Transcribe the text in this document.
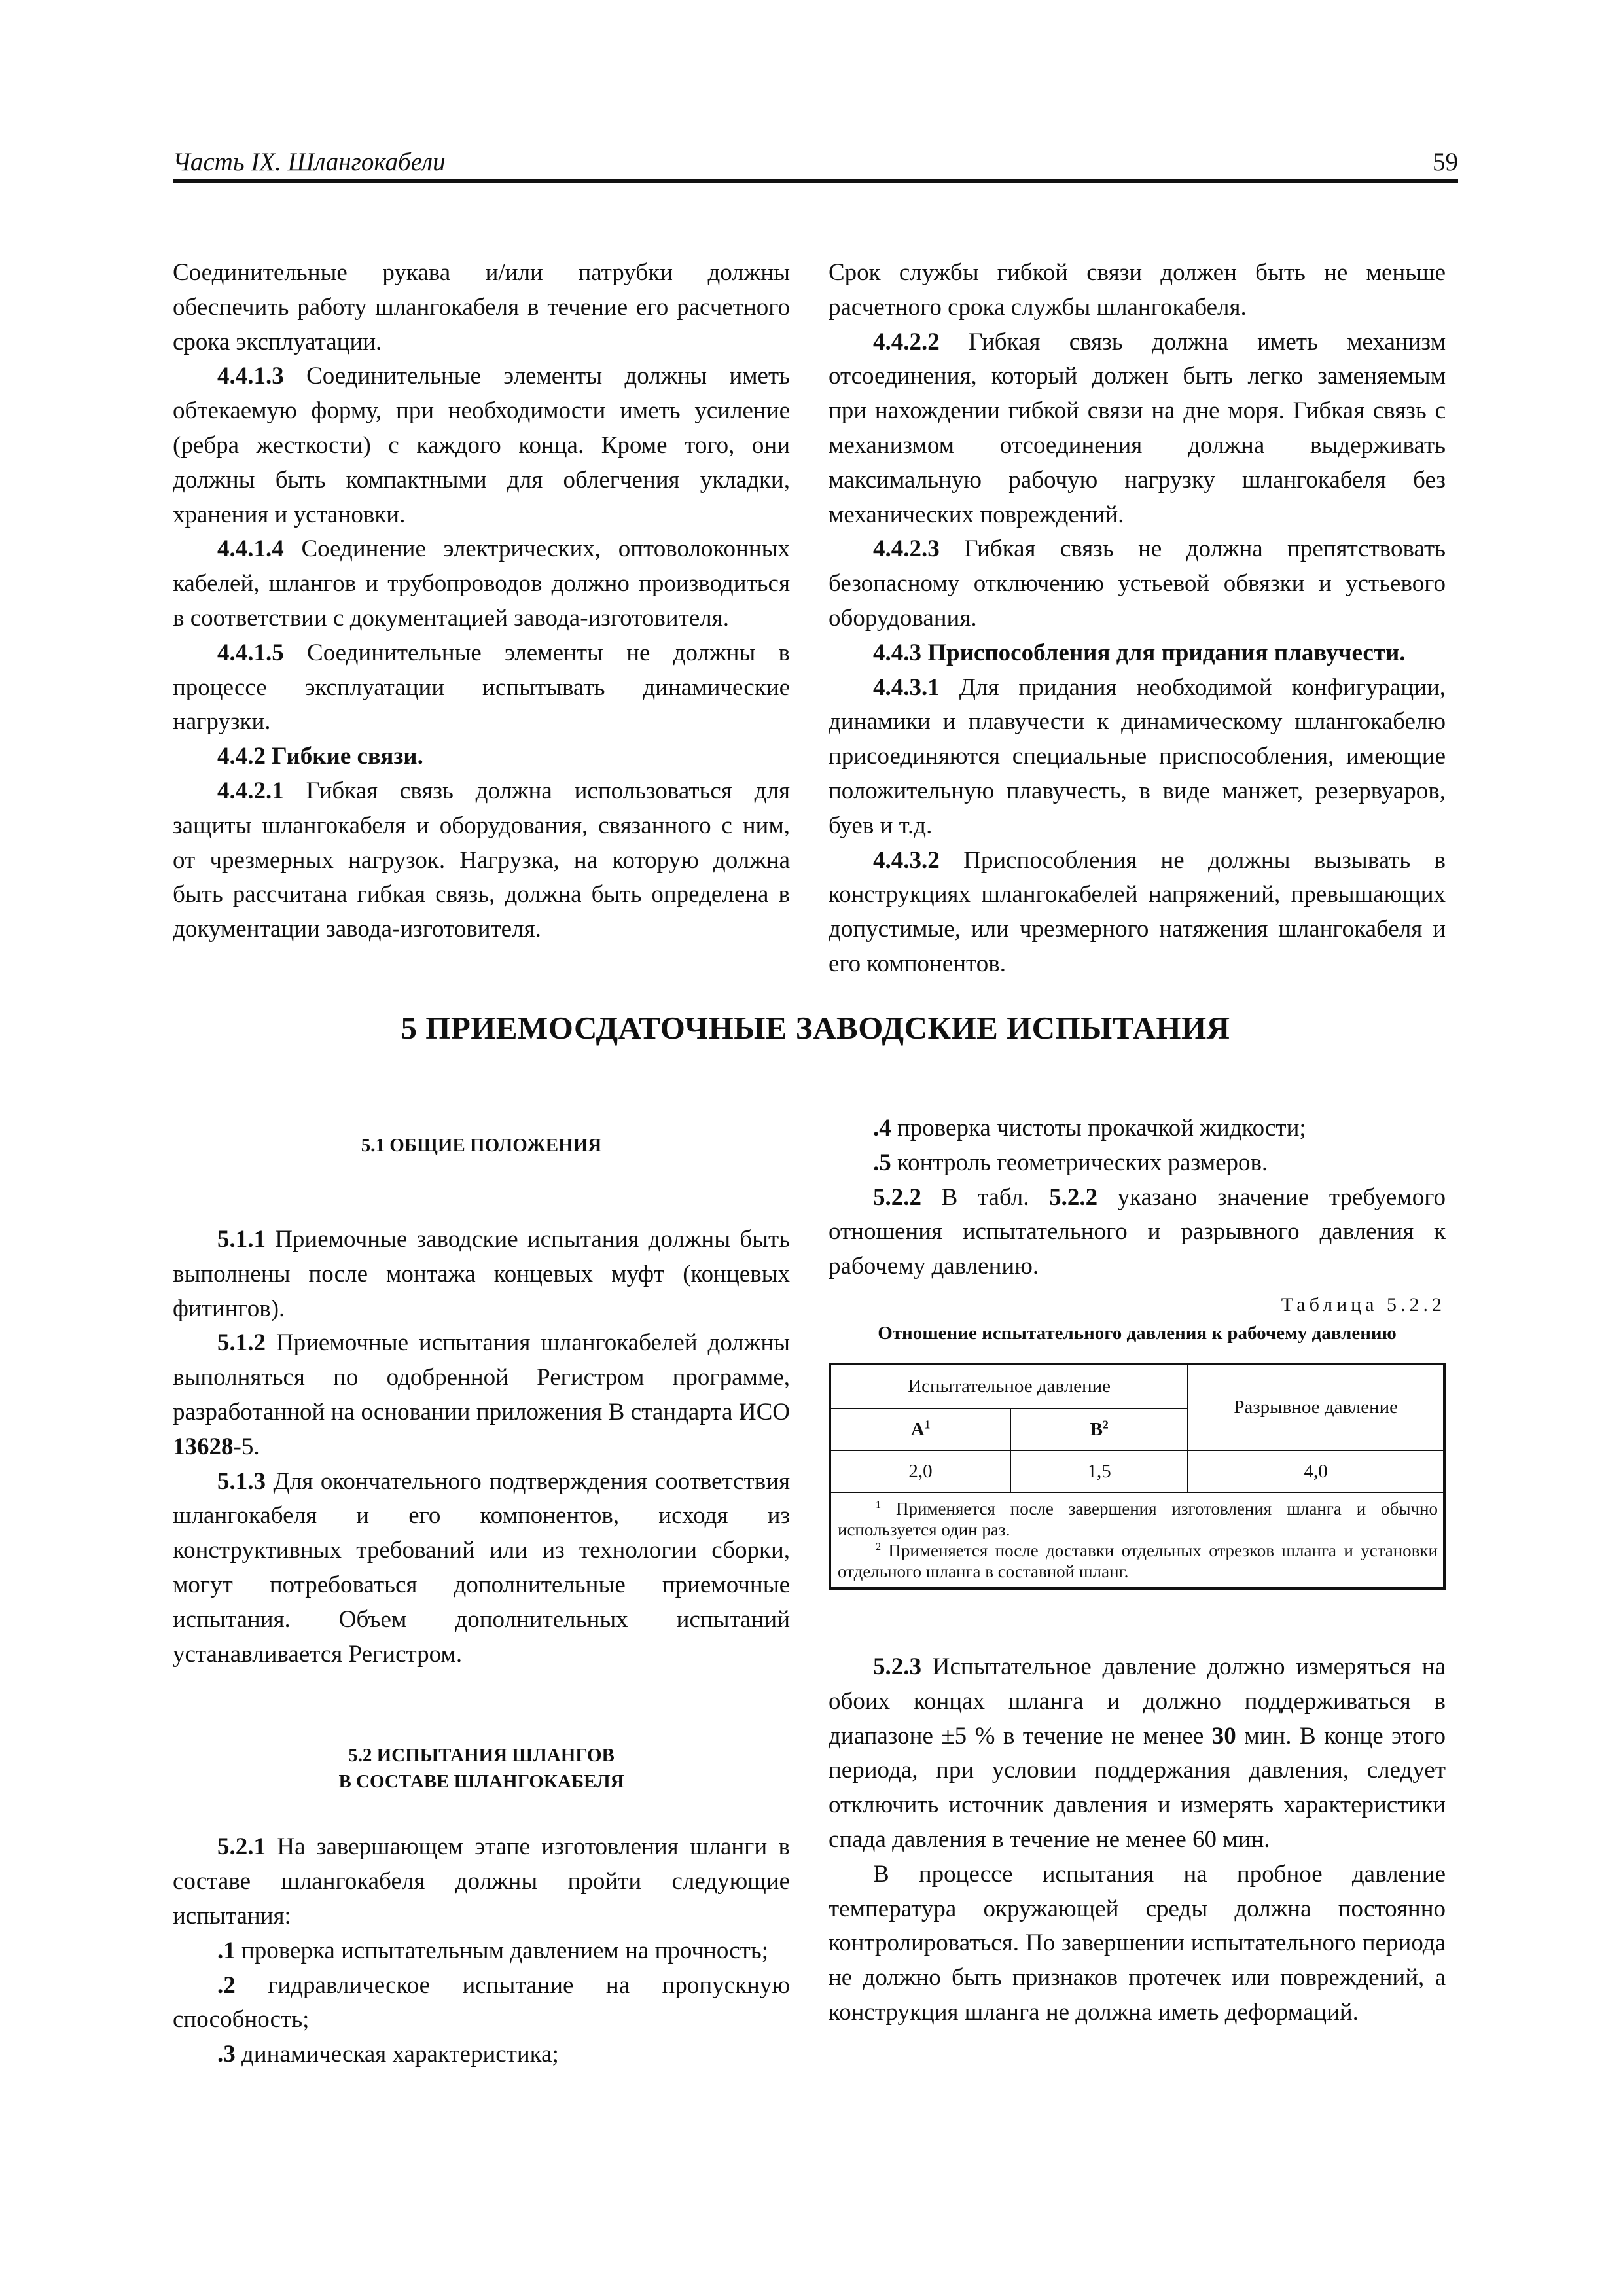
Часть IX. Шлангокабели	59

Соединительные рукава и/или патрубки должны обеспечить работу шлангокабеля в течение его расчетного срока эксплуатации.

4.4.1.3 Соединительные элементы должны иметь обтекаемую форму, при необходимости иметь усиление (ребра жесткости) с каждого конца. Кроме того, они должны быть компактными для облегчения укладки, хранения и установки.

4.4.1.4 Соединение электрических, оптоволоконных кабелей, шлангов и трубопроводов должно производиться в соответствии с документацией завода-изготовителя.

4.4.1.5 Соединительные элементы не должны в процессе эксплуатации испытывать динамические нагрузки.

4.4.2 Гибкие связи.

4.4.2.1 Гибкая связь должна использоваться для защиты шлангокабеля и оборудования, связанного с ним, от чрезмерных нагрузок. Нагрузка, на которую должна быть рассчитана гибкая связь, должна быть определена в документации завода-изготовителя.

Срок службы гибкой связи должен быть не меньше расчетного срока службы шлангокабеля.

4.4.2.2 Гибкая связь должна иметь механизм отсоединения, который должен быть легко заменяемым при нахождении гибкой связи на дне моря. Гибкая связь с механизмом отсоединения должна выдерживать максимальную рабочую нагрузку шлангокабеля без механических повреждений.

4.4.2.3 Гибкая связь не должна препятствовать безопасному отключению устьевой обвязки и устьевого оборудования.

4.4.3 Приспособления для придания плавучести.

4.4.3.1 Для придания необходимой конфигурации, динамики и плавучести к динамическому шлангокабелю присоединяются специальные приспособления, имеющие положительную плавучесть, в виде манжет, резервуаров, буев и т.д.

4.4.3.2 Приспособления не должны вызывать в конструкциях шлангокабелей напряжений, превышающих допустимые, или чрезмерного натяжения шлангокабеля и его компонентов.

5 ПРИЕМОСДАТОЧНЫЕ ЗАВОДСКИЕ ИСПЫТАНИЯ
5.1 ОБЩИЕ ПОЛОЖЕНИЯ

5.1.1 Приемочные заводские испытания должны быть выполнены после монтажа концевых муфт (концевых фитингов).

5.1.2 Приемочные испытания шлангокабелей должны выполняться по одобренной Регистром программе, разработанной на основании приложения В стандарта ИСО 13628-5.

5.1.3 Для окончательного подтверждения соответствия шлангокабеля и его компонентов, исходя из конструктивных требований или из технологии сборки, могут потребоваться дополнительные приемочные испытания. Объем дополнительных испытаний устанавливается Регистром.

5.2 ИСПЫТАНИЯ ШЛАНГОВ
В СОСТАВЕ ШЛАНГОКАБЕЛЯ

5.2.1 На завершающем этапе изготовления шланги в составе шлангокабеля должны пройти следующие испытания:

.1 проверка испытательным давлением на прочность;

.2 гидравлическое испытание на пропускную способность;

.3 динамическая характеристика;

.4 проверка чистоты прокачкой жидкости;

.5 контроль геометрических размеров.

5.2.2 В табл. 5.2.2 указано значение требуемого отношения испытательного и разрывного давления к рабочему давлению.

Таблица 5.2.2
Отношение испытательного давления к рабочему давлению
Испытательное давление		Разрывное давление
$A^1$	$B^2$
2,0	1,5	4,0

$^1$ Применяется после завершения изготовления шланга и обычно используется один раз.
$^2$ Применяется после доставки отдельных отрезков шланга и установки отдельного шланга в составной шланг.		

5.2.3 Испытательное давление должно измеряться на обоих концах шланга и должно поддерживаться в диапазоне ±5 % в течение не менее 30 мин. В конце этого периода, при условии поддержания давления, следует отключить источник давления и измерять характеристики спада давления в течение не менее 60 мин.

В процессе испытания на пробное давление температура окружающей среды должна постоянно контролироваться. По завершении испытательного периода не должно быть признаков протечек или повреждений, а конструкция шланга не должна иметь деформаций.
